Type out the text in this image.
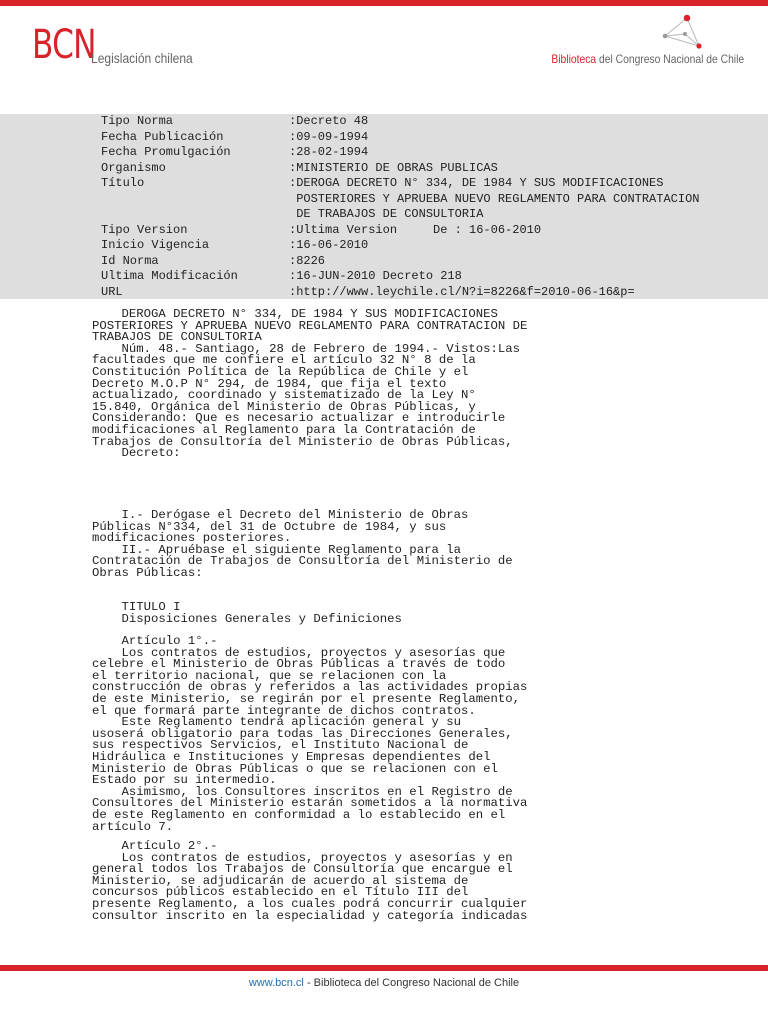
BCN
Legislación chilena	Biblioteca del Congreso Nacional de Chile
Tipo Norma	:Decreto 48
Fecha Publicación	:09-09-1994
Fecha Promulgación	:28-02-1994
Organismo	:MINISTERIO DE OBRAS PUBLICAS
Título	:DEROGA DECRETO N° 334, DE 1984 Y SUS MODIFICACIONES
POSTERIORES Y APRUEBA NUEVO REGLAMENTO PARA CONTRATACION
DE TRABAJOS DE CONSULTORIA
Tipo Version	:Ultima Version     De : 16-06-2010
Inicio Vigencia	:16-06-2010
Id Norma	:8226
Ultima Modificación	:16-JUN-2010 Decreto 218
URL	:http://www.leychile.cl/N?i=8226&f=2010-06-16&p=
DEROGA DECRETO N° 334, DE 1984 Y SUS MODIFICACIONES
POSTERIORES Y APRUEBA NUEVO REGLAMENTO PARA CONTRATACION DE
TRABAJOS DE CONSULTORIA
Núm. 48.- Santiago, 28 de Febrero de 1994.- Vistos:Las
facultades que me confiere el artículo 32 N° 8 de la
Constitución Política de la República de Chile y el
Decreto M.O.P N° 294, de 1984, que fija el texto
actualizado, coordinado y sistematizado de la Ley N°
15.840, Orgánica del Ministerio de Obras Públicas, y
Considerando: Que es necesario actualizar e introducirle
modificaciones al Reglamento para la Contratación de
Trabajos de Consultoría del Ministerio de Obras Públicas,
Decreto:
I.- Derógase el Decreto del Ministerio de Obras
Públicas N°334, del 31 de Octubre de 1984, y sus
modificaciones posteriores.
II.- Apruébase el siguiente Reglamento para la
Contratación de Trabajos de Consultoría del Ministerio de
Obras Públicas:
TITULO I
Disposiciones Generales y Definiciones
Artículo 1°.-
Los contratos de estudios, proyectos y asesorías que
celebre el Ministerio de Obras Públicas a través de todo
el territorio nacional, que se relacionen con la
construcción de obras y referidos a las actividades propias
de este Ministerio, se regirán por el presente Reglamento,
el que formará parte integrante de dichos contratos.
Este Reglamento tendrá aplicación general y su
usoserá obligatorio para todas las Direcciones Generales,
sus respectivos Servicios, el Instituto Nacional de
Hidráulica e Instituciones y Empresas dependientes del
Ministerio de Obras Públicas o que se relacionen con el
Estado por su intermedio.
Asimismo, los Consultores inscritos en el Registro de
Consultores del Ministerio estarán sometidos a la normativa
de este Reglamento en conformidad a lo establecido en el
artículo 7.
Artículo 2°.-
Los contratos de estudios, proyectos y asesorías y en
general todos los Trabajos de Consultoría que encargue el
Ministerio, se adjudicarán de acuerdo al sistema de
concursos públicos establecido en el Título III del
presente Reglamento, a los cuales podrá concurrir cualquier
consultor inscrito en la especialidad y categoría indicadas
www.bcn.cl - Biblioteca del Congreso Nacional de Chile
